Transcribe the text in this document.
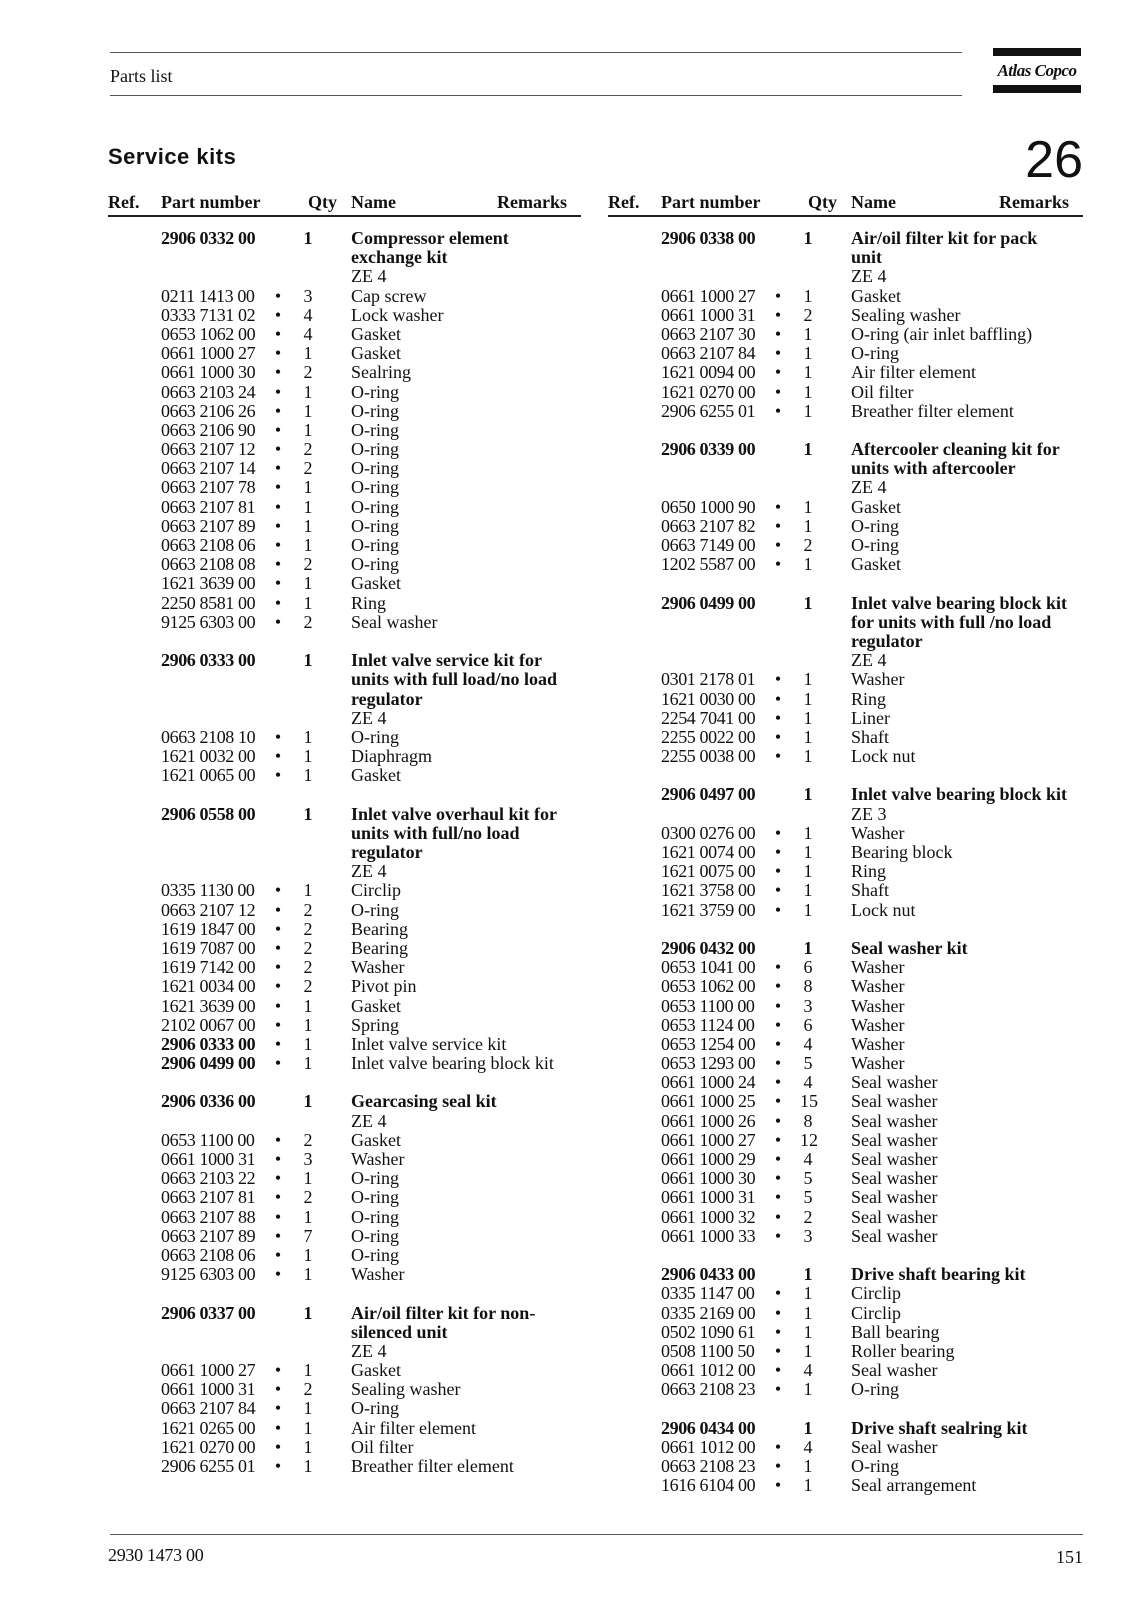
Parts list	Atlas Copco
Service kits	26
Ref. Part number	Qty Name	Remarks
2906 0332 00	1 Compressor element
exchange kit
ZE 4
0211 1413 00 • 3 Cap screw
0333 7131 02 • 4 Lock washer
0653 1062 00 • 4 Gasket
0661 1000 27 • 1 Gasket
0661 1000 30 • 2 Sealring
0663 2103 24 • 1 O-ring
0663 2106 26 • 1 O-ring
0663 2106 90 • 1 O-ring
0663 2107 12 • 2 O-ring
0663 2107 14 • 2 O-ring
0663 2107 78 • 1 O-ring
0663 2107 81 • 1 O-ring
0663 2107 89 • 1 O-ring
0663 2108 06 • 1 O-ring
0663 2108 08 • 2 O-ring
1621 3639 00 • 1 Gasket
2250 8581 00 • 1 Ring
9125 6303 00 • 2 Seal washer
2906 0333 00	1 Inlet valve service kit for
units with full load/no load
regulator
ZE 4
0663 2108 10 • 1 O-ring
1621 0032 00 • 1 Diaphragm
1621 0065 00 • 1 Gasket
2906 0558 00	1 Inlet valve overhaul kit for
units with full/no load
regulator
ZE 4
0335 1130 00 • 1 Circlip
0663 2107 12 • 2 O-ring
1619 1847 00 • 2 Bearing
1619 7087 00 • 2 Bearing
1619 7142 00 • 2 Washer
1621 0034 00 • 2 Pivot pin
1621 3639 00 • 1 Gasket
2102 0067 00 • 1 Spring
2906 0333 00 • 1 Inlet valve service kit
2906 0499 00 • 1 Inlet valve bearing block kit
2906 0336 00	1 Gearcasing seal kit
ZE 4
0653 1100 00 • 2 Gasket
0661 1000 31 • 3 Washer
0663 2103 22 • 1 O-ring
0663 2107 81 • 2 O-ring
0663 2107 88 • 1 O-ring
0663 2107 89 • 7 O-ring
0663 2108 06 • 1 O-ring
9125 6303 00 • 1 Washer
2906 0337 00	1 Air/oil filter kit for non-
silenced unit
ZE 4
0661 1000 27 • 1 Gasket
0661 1000 31 • 2 Sealing washer
0663 2107 84 • 1 O-ring
1621 0265 00 • 1 Air filter element
1621 0270 00 • 1 Oil filter
2906 6255 01 • 1 Breather filter element
Ref. Part number	Qty Name	Remarks
2906 0338 00	1 Air/oil filter kit for pack
unit
ZE 4
0661 1000 27 • 1 Gasket
0661 1000 31 • 2 Sealing washer
0663 2107 30 • 1 O-ring (air inlet baffling)
0663 2107 84 • 1 O-ring
1621 0094 00 • 1 Air filter element
1621 0270 00 • 1 Oil filter
2906 6255 01 • 1 Breather filter element
2906 0339 00	1 Aftercooler cleaning kit for
units with aftercooler
ZE 4
0650 1000 90 • 1 Gasket
0663 2107 82 • 1 O-ring
0663 7149 00 • 2 O-ring
1202 5587 00 • 1 Gasket
2906 0499 00	1 Inlet valve bearing block kit
for units with full /no load
regulator
ZE 4
0301 2178 01 • 1 Washer
1621 0030 00 • 1 Ring
2254 7041 00 • 1 Liner
2255 0022 00 • 1 Shaft
2255 0038 00 • 1 Lock nut
2906 0497 00	1 Inlet valve bearing block kit
ZE 3
0300 0276 00 • 1 Washer
1621 0074 00 • 1 Bearing block
1621 0075 00 • 1 Ring
1621 3758 00 • 1 Shaft
1621 3759 00 • 1 Lock nut
2906 0432 00	1 Seal washer kit
0653 1041 00 • 6 Washer
0653 1062 00 • 8 Washer
0653 1100 00 • 3 Washer
0653 1124 00 • 6 Washer
0653 1254 00 • 4 Washer
0653 1293 00 • 5 Washer
0661 1000 24 • 4 Seal washer
0661 1000 25 • 15 Seal washer
0661 1000 26 • 8 Seal washer
0661 1000 27 • 12 Seal washer
0661 1000 29 • 4 Seal washer
0661 1000 30 • 5 Seal washer
0661 1000 31 • 5 Seal washer
0661 1000 32 • 2 Seal washer
0661 1000 33 • 3 Seal washer
2906 0433 00	1 Drive shaft bearing kit
0335 1147 00 • 1 Circlip
0335 2169 00 • 1 Circlip
0502 1090 61 • 1 Ball bearing
0508 1100 50 • 1 Roller bearing
0661 1012 00 • 4 Seal washer
0663 2108 23 • 1 O-ring
2906 0434 00	1 Drive shaft sealring kit
0661 1012 00 • 4 Seal washer
0663 2108 23 • 1 O-ring
1616 6104 00 • 1 Seal arrangement
2930 1473 00	151
